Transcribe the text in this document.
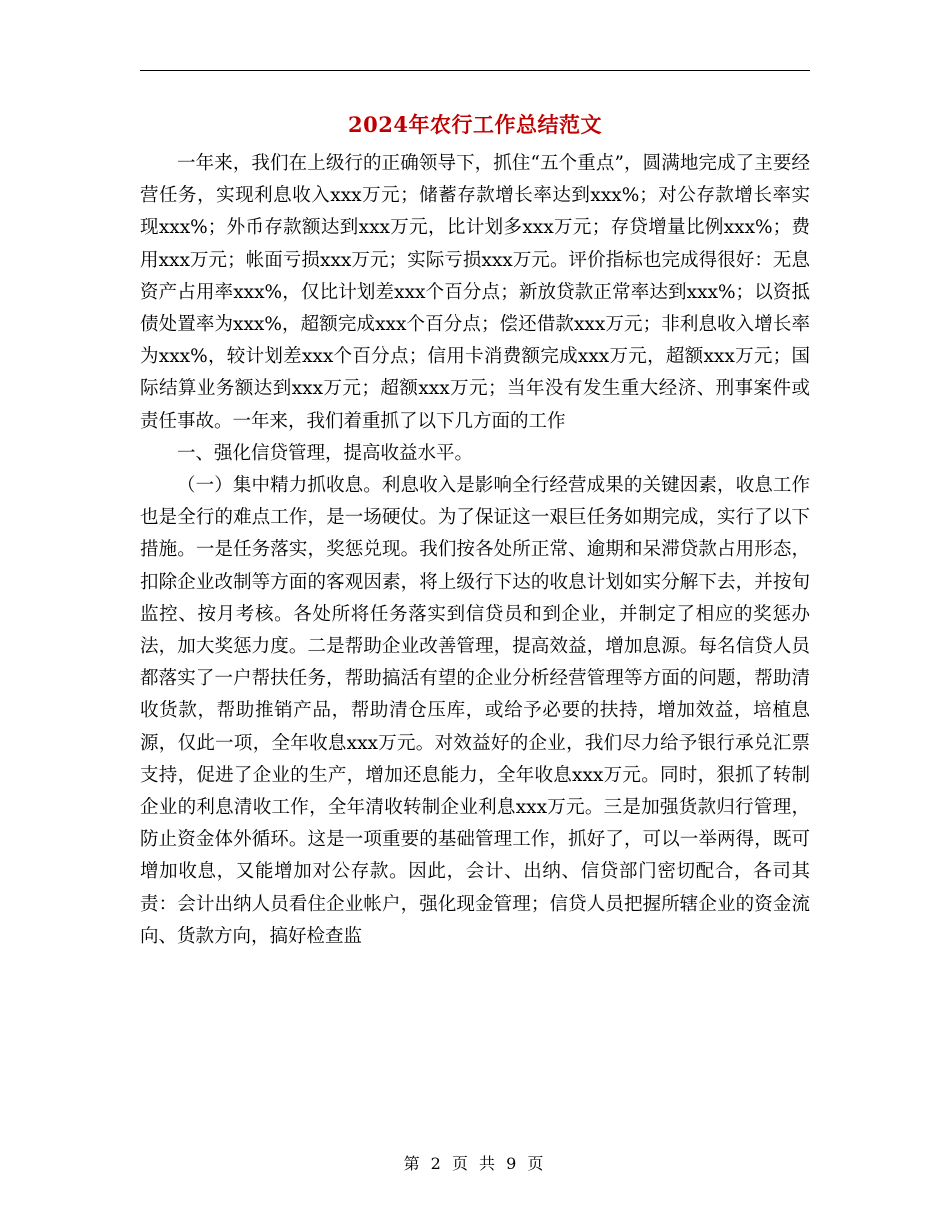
2024年农行工作总结范文

一年来，我们在上级行的正确领导下，抓住“五个重点”，圆满地完成了主要经营任务，实现利息收入xxx万元；储蓄存款增长率达到xxx%；对公存款增长率实现xxx%；外币存款额达到xxx万元，比计划多xxx万元；存贷增量比例xxx%；费用xxx万元；帐面亏损xxx万元；实际亏损xxx万元。评价指标也完成得很好：无息资产占用率xxx%，仅比计划差xxx个百分点；新放贷款正常率达到xxx%；以资抵债处置率为xxx%，超额完成xxx个百分点；偿还借款xxx万元；非利息收入增长率为xxx%，较计划差xxx个百分点；信用卡消费额完成xxx万元，超额xxx万元；国际结算业务额达到xxx万元；超额xxx万元；当年没有发生重大经济、刑事案件或责任事故。一年来，我们着重抓了以下几方面的工作

一、强化信贷管理，提高收益水平。

（一）集中精力抓收息。利息收入是影响全行经营成果的关键因素，收息工作也是全行的难点工作，是一场硬仗。为了保证这一艰巨任务如期完成，实行了以下措施。一是任务落实，奖惩兑现。我们按各处所正常、逾期和呆滞贷款占用形态，扣除企业改制等方面的客观因素，将上级行下达的收息计划如实分解下去，并按旬监控、按月考核。各处所将任务落实到信贷员和到企业，并制定了相应的奖惩办法，加大奖惩力度。二是帮助企业改善管理，提高效益，增加息源。每名信贷人员都落实了一户帮扶任务，帮助搞活有望的企业分析经营管理等方面的问题，帮助清收货款，帮助推销产品，帮助清仓压库，或给予必要的扶持，增加效益，培植息源，仅此一项，全年收息xxx万元。对效益好的企业，我们尽力给予银行承兑汇票支持，促进了企业的生产，增加还息能力，全年收息xxx万元。同时，狠抓了转制企业的利息清收工作，全年清收转制企业利息xxx万元。三是加强货款归行管理，防止资金体外循环。这是一项重要的基础管理工作，抓好了，可以一举两得，既可增加收息，又能增加对公存款。因此，会计、出纳、信贷部门密切配合，各司其责：会计出纳人员看住企业帐户，强化现金管理；信贷人员把握所辖企业的资金流向、货款方向，搞好检查监

第 2 页 共 9 页
